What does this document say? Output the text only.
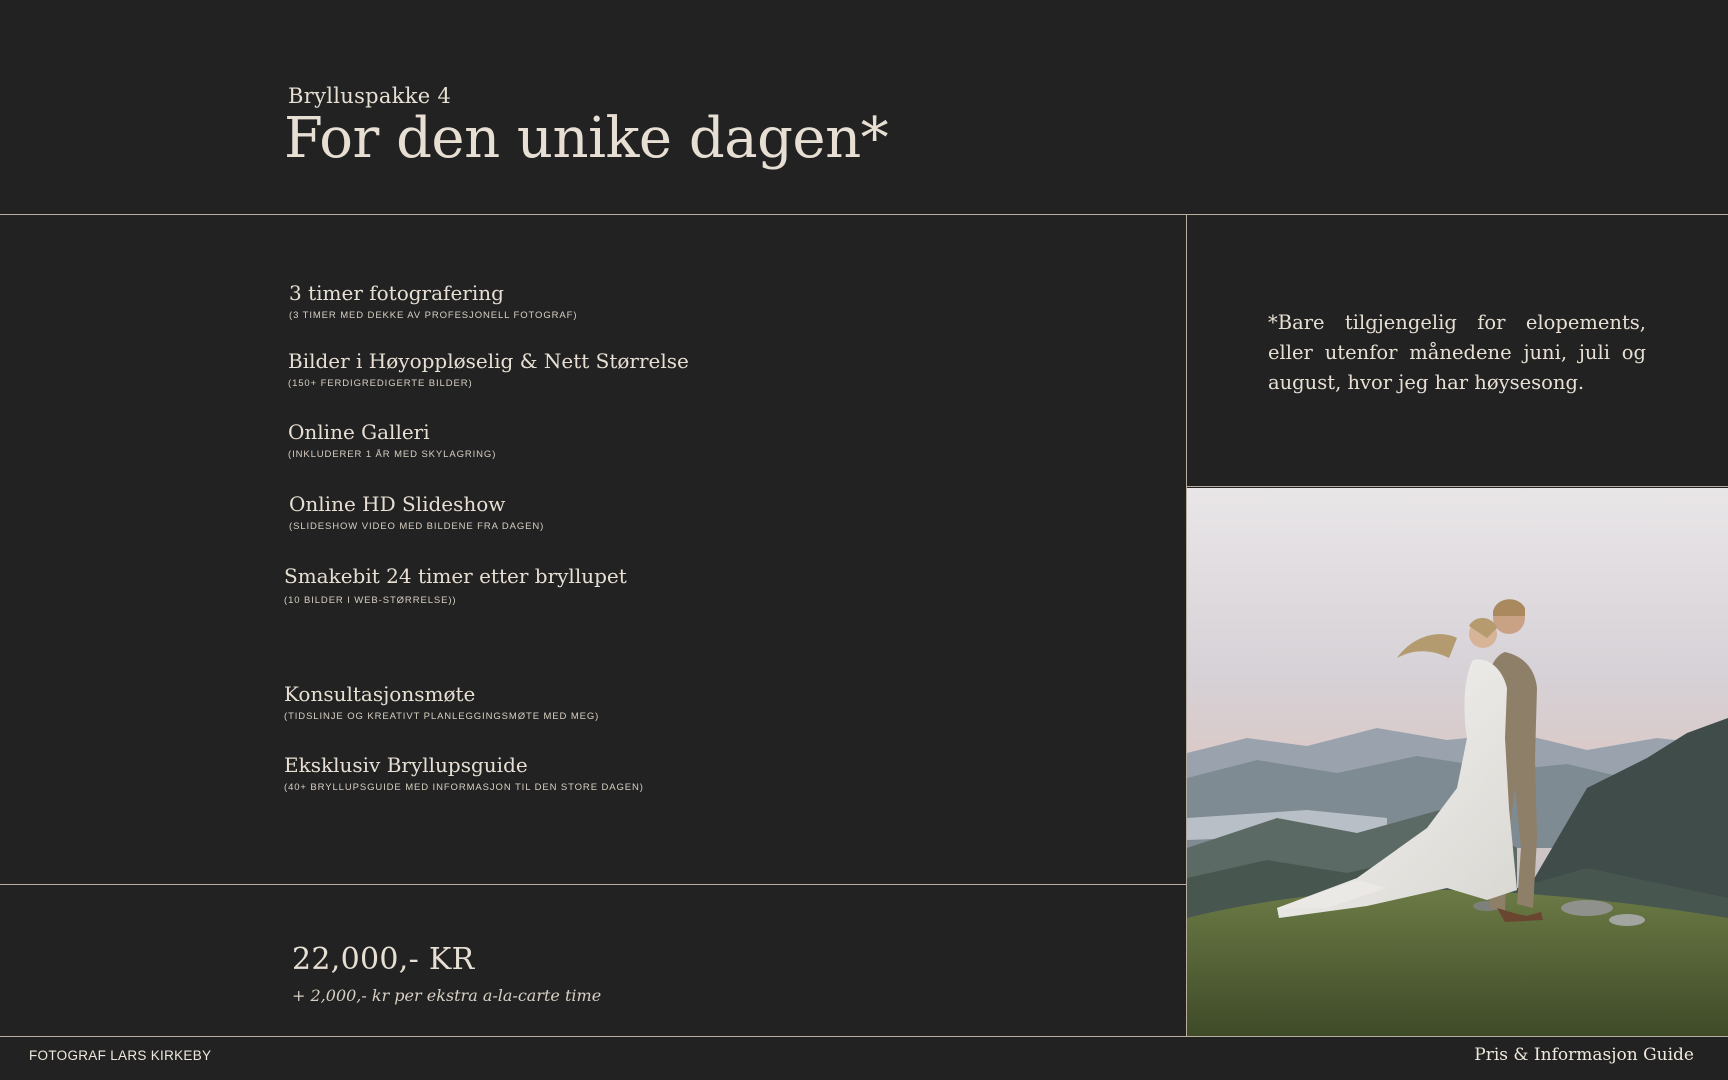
Brylluspakke 4
For den unike dagen*
3 timer fotografering
(3 TIMER MED DEKKE AV PROFESJONELL FOTOGRAF)
Bilder i Høyoppløselig & Nett Størrelse
(150+ FERDIGREDIGERTE BILDER)
Online Galleri
(INKLUDERER 1 ÅR MED SKYLAGRING)
Online HD Slideshow
(SLIDESHOW VIDEO MED BILDENE FRA DAGEN)
Smakebit 24 timer etter bryllupet
(10 BILDER I WEB-STØRRELSE))
Konsultasjonsmøte
(TIDSLINJE OG KREATIVT PLANLEGGINGSMØTE MED MEG)
Eksklusiv Bryllupsguide
(40+ BRYLLUPSGUIDE MED INFORMASJON TIL DEN STORE DAGEN)
*Bare tilgjengelig for elopements, eller utenfor månedene juni, juli og august, hvor jeg har høysesong.
22,000,- KR
+ 2,000,- kr per ekstra a-la-carte time
FOTOGRAF LARS KIRKEBY	Pris & Informasjon Guide
